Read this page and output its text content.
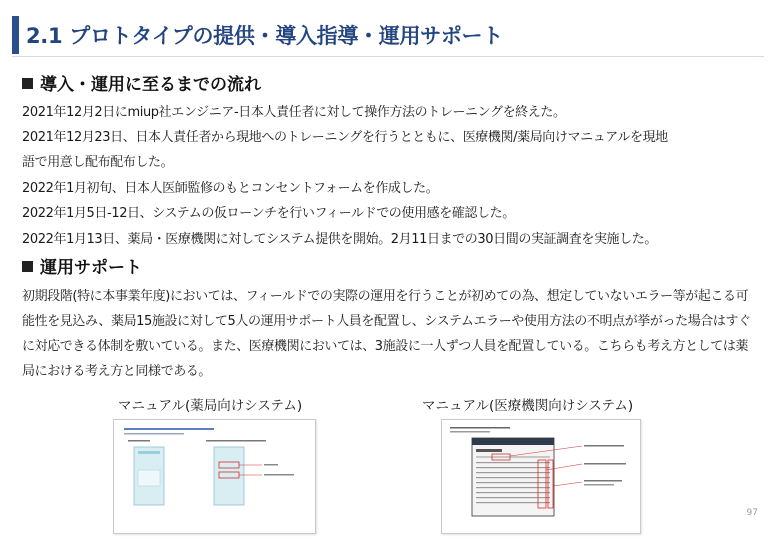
2.1 プロトタイプの提供・導入指導・運用サポート
導入・運用に至るまでの流れ
2021年12月2日にmiup社エンジニア-日本人責任者に対して操作方法のトレーニングを終えた。
2021年12月23日、日本人責任者から現地へのトレーニングを行うとともに、医療機関/薬局向けマニュアルを現地
語で用意し配布配布した。
2022年1月初旬、日本人医師監修のもとコンセントフォームを作成した。
2022年1月5日-12日、システムの仮ローンチを行いフィールドでの使用感を確認した。
2022年1月13日、薬局・医療機関に対してシステム提供を開始。2月11日までの30日間の実証調査を実施した。
運用サポート
初期段階(特に本事業年度)においては、フィールドでの実際の運用を行うことが初めての為、想定していないエラー等が起こる可能性を見込み、薬局15施設に対して5人の運用サポート人員を配置し、システムエラーや使用方法の不明点が挙がった場合はすぐに対応できる体制を敷いている。また、医療機関においては、3施設に一人ずつ人員を配置している。こちらも考え方としては薬局における考え方と同様である。
マニュアル(薬局向けシステム)	マニュアル(医療機関向けシステム)
97
